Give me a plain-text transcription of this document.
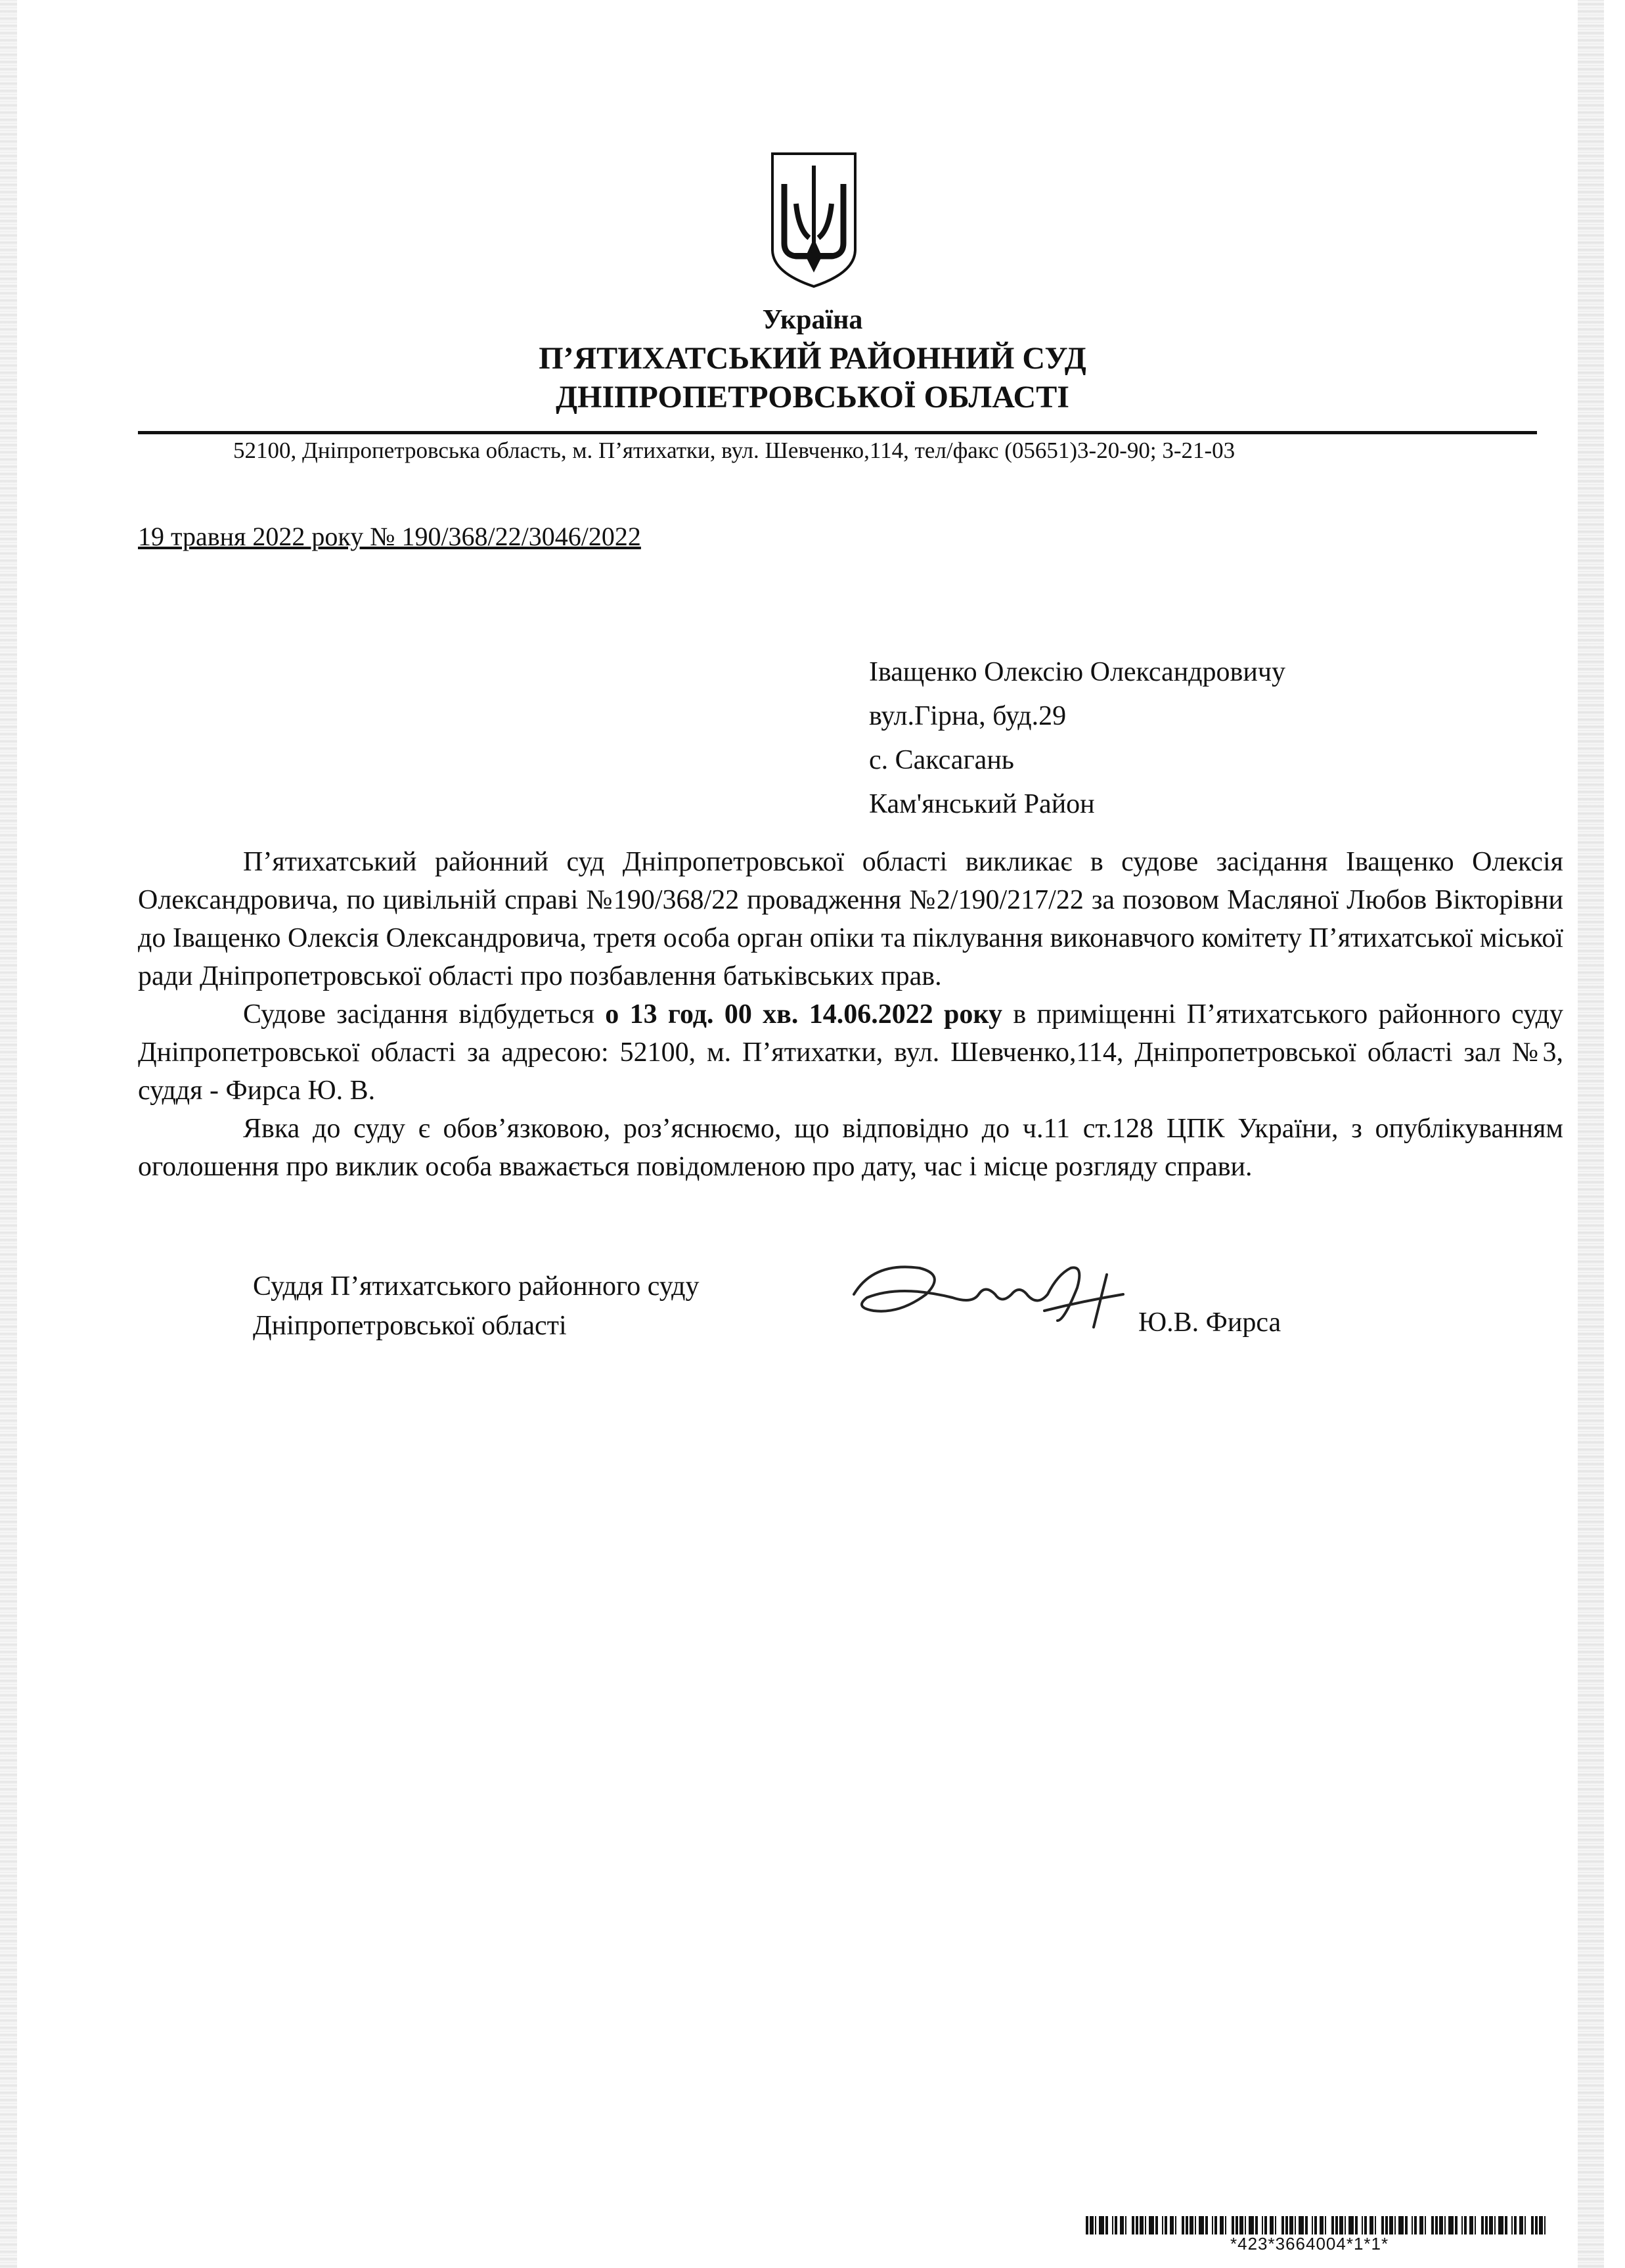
Україна
П’ЯТИХАТСЬКИЙ РАЙОННИЙ СУД
ДНІПРОПЕТРОВСЬКОЇ ОБЛАСТІ
52100, Дніпропетровська область, м. П’ятихатки, вул. Шевченко,114, тел/факс (05651)3-20-90; 3-21-03
19 травня 2022 року № 190/368/22/3046/2022
Іващенко Олексію Олександровичу
вул.Гірна, буд.29
с. Саксагань
Кам'янський Район

П’ятихатський районний суд Дніпропетровської області викликає в судове засідання Іващенко Олексія Олександровича, по цивільній справі №190/368/22 провадження №2/190/217/22 за позовом Масляної Любов Вікторівни до Іващенко Олексія Олександровича, третя особа орган опіки та піклування виконавчого комітету П’ятихатської міської ради Дніпропетровської області про позбавлення батьківських прав.

Судове засідання відбудеться о 13 год. 00 хв. 14.06.2022 року в приміщенні П’ятихатського районного суду Дніпропетровської області за адресою: 52100, м. П’ятихатки, вул. Шевченко,114, Дніпропетровської області зал №3, суддя - Фирса Ю. В.

Явка до суду є обов’язковою, роз’яснюємо, що відповідно до ч.11 ст.128 ЦПК України, з опублікуванням оголошення про виклик особа вважається повідомленою про дату, час і місце розгляду справи.

Суддя П’ятихатського районного суду
Дніпропетровської області	Ю.В. Фирса
*423*3664004*1*1*
